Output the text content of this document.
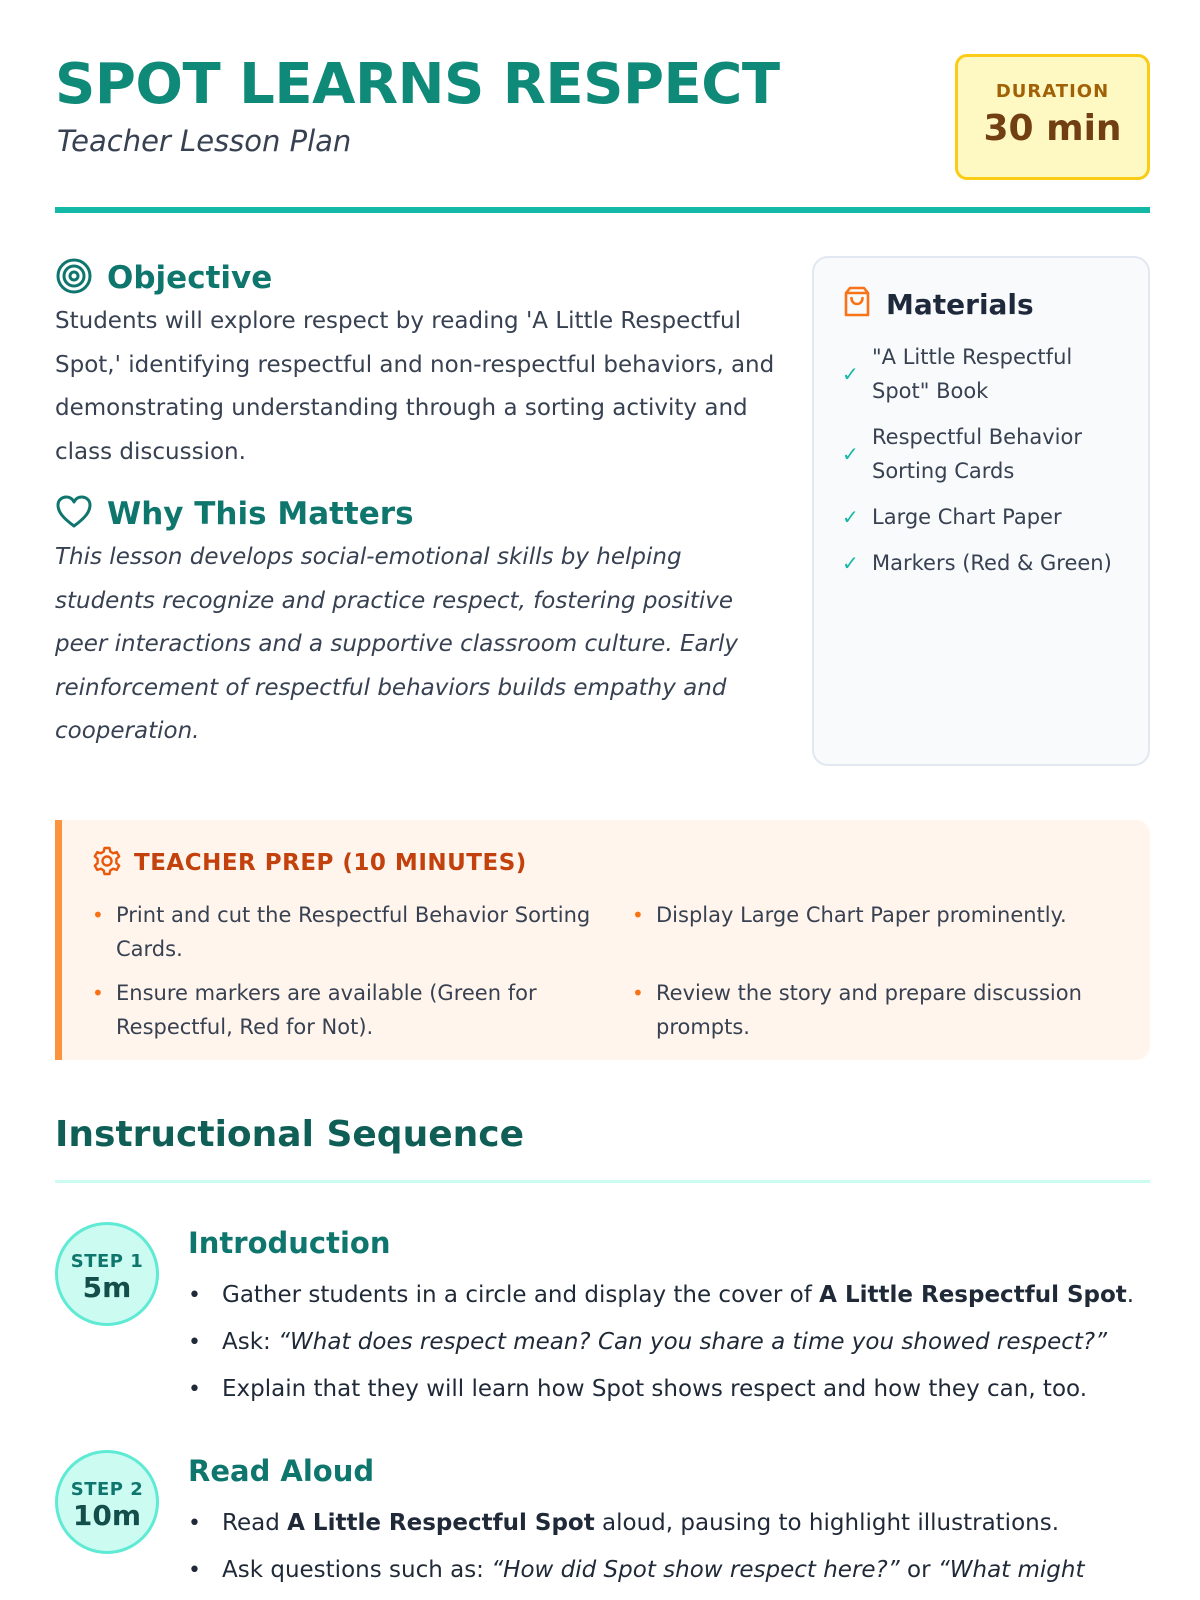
SPOT LEARNS RESPECT
Teacher Lesson Plan
DURATION
30 min
Objective

Students will explore respect by reading 'A Little Respectful Spot,' identifying respectful and non-respectful behaviors, and demonstrating understanding through a sorting activity and class discussion.

Why This Matters

This lesson develops social-emotional skills by helping students recognize and practice respect, fostering positive peer interactions and a supportive classroom culture. Early reinforcement of respectful behaviors builds empathy and cooperation.

Materials
✓
"A Little Respectful Spot" Book
✓
Respectful Behavior Sorting Cards
✓ Large Chart Paper
✓ Markers (Red & Green)
TEACHER PREP (10 MINUTES)
• Print and cut the Respectful Behavior Sorting Cards.
• Display Large Chart Paper prominently.
• Ensure markers are available (Green for Respectful, Red for Not).
• Review the story and prepare discussion prompts.
Instructional Sequence
STEP 1
5m
Introduction
• Gather students in a circle and display the cover of A Little Respectful Spot.
• Ask: “What does respect mean? Can you share a time you showed respect?”
• Explain that they will learn how Spot shows respect and how they can, too.
STEP 2
10m
Read Aloud
• Read A Little Respectful Spot aloud, pausing to highlight illustrations.
• Ask questions such as: “How did Spot show respect here?” or “What might
